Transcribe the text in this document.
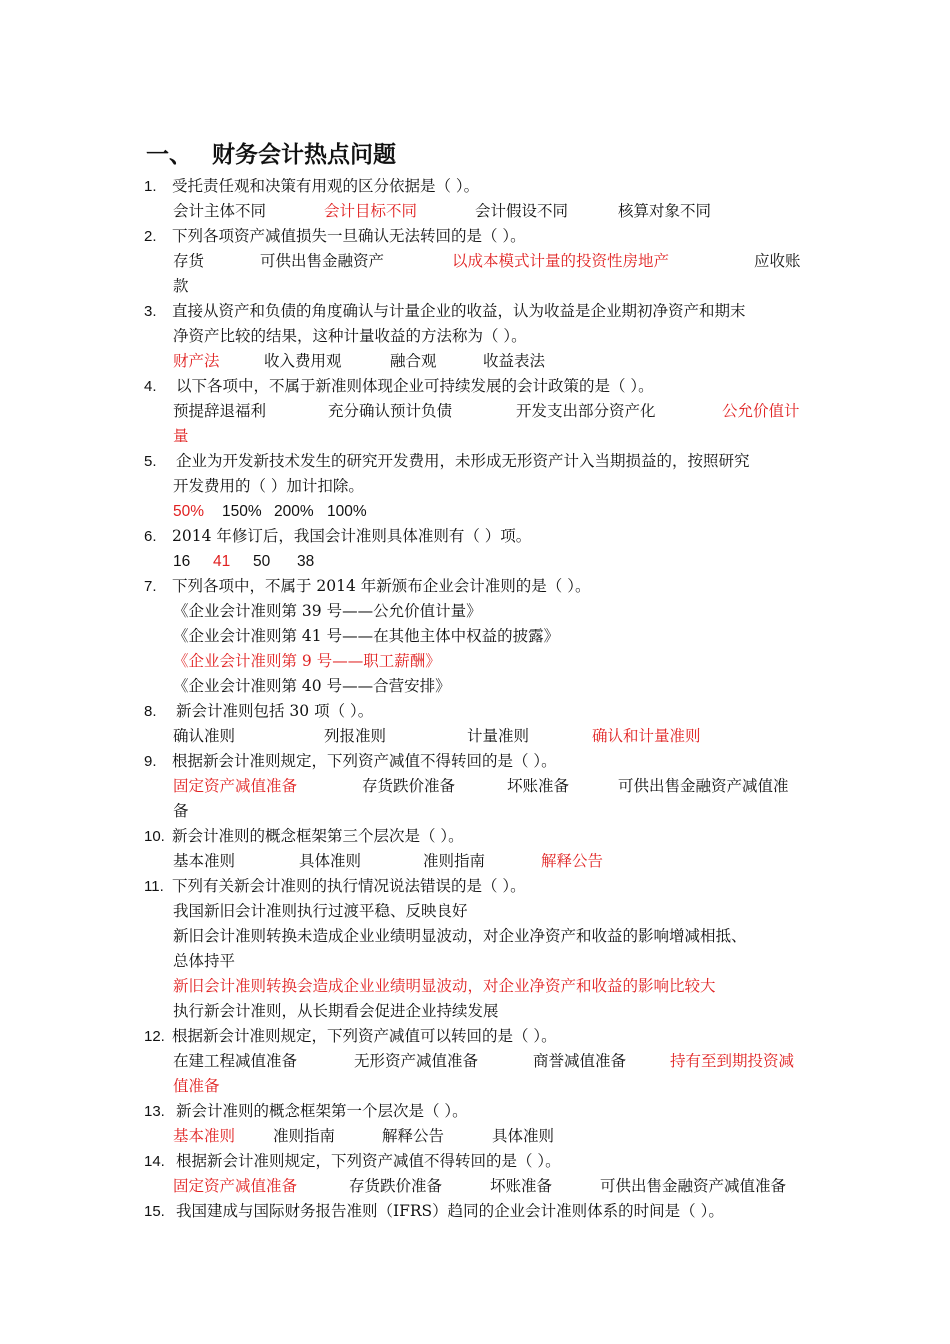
一、 财务会计热点问题
1. 受托责任观和决策有用观的区分依据是（ ）。
会计主体不同	会计目标不同	会计假设不同	核算对象不同
2. 下列各项资产减值损失一旦确认无法转回的是（ ）。
存货	可供出售金融资产	以成本模式计量的投资性房地产	应收账
款
3. 直接从资产和负债的角度确认与计量企业的收益，认为收益是企业期初净资产和期末
净资产比较的结果，这种计量收益的方法称为（ ）。
财产法	收入费用观	融合观	收益表法
4. 以下各项中，不属于新准则体现企业可持续发展的会计政策的是（ ）。
预提辞退福利	充分确认预计负债	开发支出部分资产化	公允价值计
量
5. 企业为开发新技术发生的研究开发费用，未形成无形资产计入当期损益的，按照研究
开发费用的（ ）加计扣除。
50% 150% 200% 100%
6. 2014 年修订后，我国会计准则具体准则有（ ）项。
16 41 50 38
7. 下列各项中，不属于 2014 年新颁布企业会计准则的是（ ）。
《企业会计准则第 39 号——公允价值计量》
《企业会计准则第 41 号——在其他主体中权益的披露》
《企业会计准则第 9 号——职工薪酬》
《企业会计准则第 40 号——合营安排》
8. 新会计准则包括 30 项（ ）。
确认准则	列报准则	计量准则	确认和计量准则
9. 根据新会计准则规定，下列资产减值不得转回的是（ ）。
固定资产减值准备	存货跌价准备	坏账准备	可供出售金融资产减值准
备
10. 新会计准则的概念框架第三个层次是（ ）。
基本准则	具体准则	准则指南	解释公告
11. 下列有关新会计准则的执行情况说法错误的是（ ）。
我国新旧会计准则执行过渡平稳、反映良好
新旧会计准则转换未造成企业业绩明显波动，对企业净资产和收益的影响增减相抵、
总体持平
新旧会计准则转换会造成企业业绩明显波动，对企业净资产和收益的影响比较大
执行新会计准则，从长期看会促进企业持续发展
12. 根据新会计准则规定，下列资产减值可以转回的是（ ）。
在建工程减值准备	无形资产减值准备	商誉减值准备	持有至到期投资减
值准备
13. 新会计准则的概念框架第一个层次是（ ）。
基本准则 准则指南	解释公告	具体准则
14. 根据新会计准则规定，下列资产减值不得转回的是（ ）。
固定资产减值准备	存货跌价准备	坏账准备	可供出售金融资产减值准备
15. 我国建成与国际财务报告准则（IFRS）趋同的企业会计准则体系的时间是（ ）。
